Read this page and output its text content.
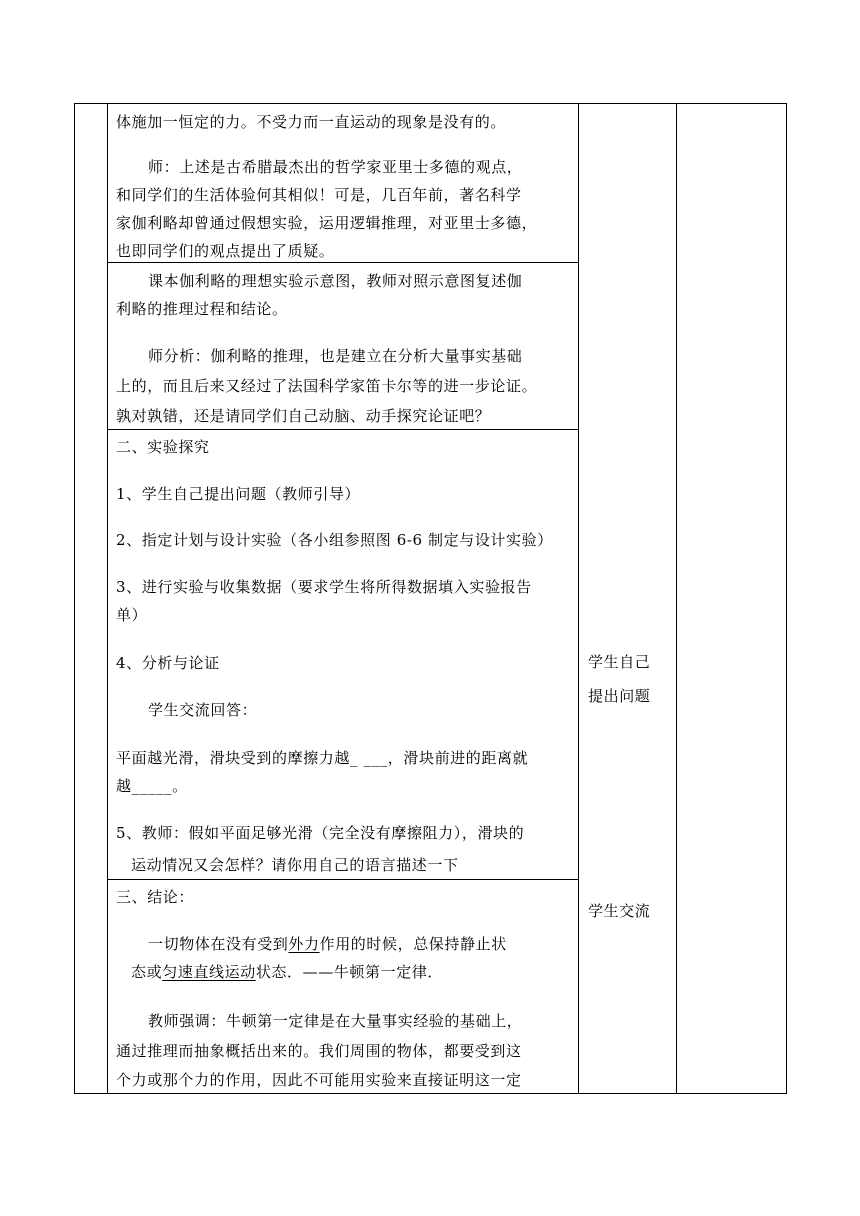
体施加一恒定的力。不受力而一直运动的现象是没有的。
师：上述是古希腊最杰出的哲学家亚里士多德的观点，
和同学们的生活体验何其相似！可是，几百年前，著名科学
家伽利略却曾通过假想实验，运用逻辑推理，对亚里士多德，
也即同学们的观点提出了质疑。
课本伽利略的理想实验示意图，教师对照示意图复述伽
利略的推理过程和结论。
师分析：伽利略的推理，也是建立在分析大量事实基础
上的，而且后来又经过了法国科学家笛卡尔等的进一步论证。
孰对孰错，还是请同学们自己动脑、动手探究论证吧？
二、实验探究
1、学生自己提出问题（教师引导）
2、指定计划与设计实验（各小组参照图 6-6 制定与设计实验）
3、进行实验与收集数据（要求学生将所得数据填入实验报告
单）
4、分析与论证
学生交流回答：
平面越光滑，滑块受到的摩擦力越_ ___，滑块前进的距离就
越_____。
5、教师：假如平面足够光滑（完全没有摩擦阻力），滑块的
运动情况又会怎样？请你用自己的语言描述一下
三、结论：
一切物体在没有受到外力作用的时候，总保持静止状
态或匀速直线运动状态．——牛顿第一定律．
教师强调：牛顿第一定律是在大量事实经验的基础上，
通过推理而抽象概括出来的。我们周围的物体，都要受到这
个力或那个力的作用，因此不可能用实验来直接证明这一定
学生自己
提出问题
学生交流
